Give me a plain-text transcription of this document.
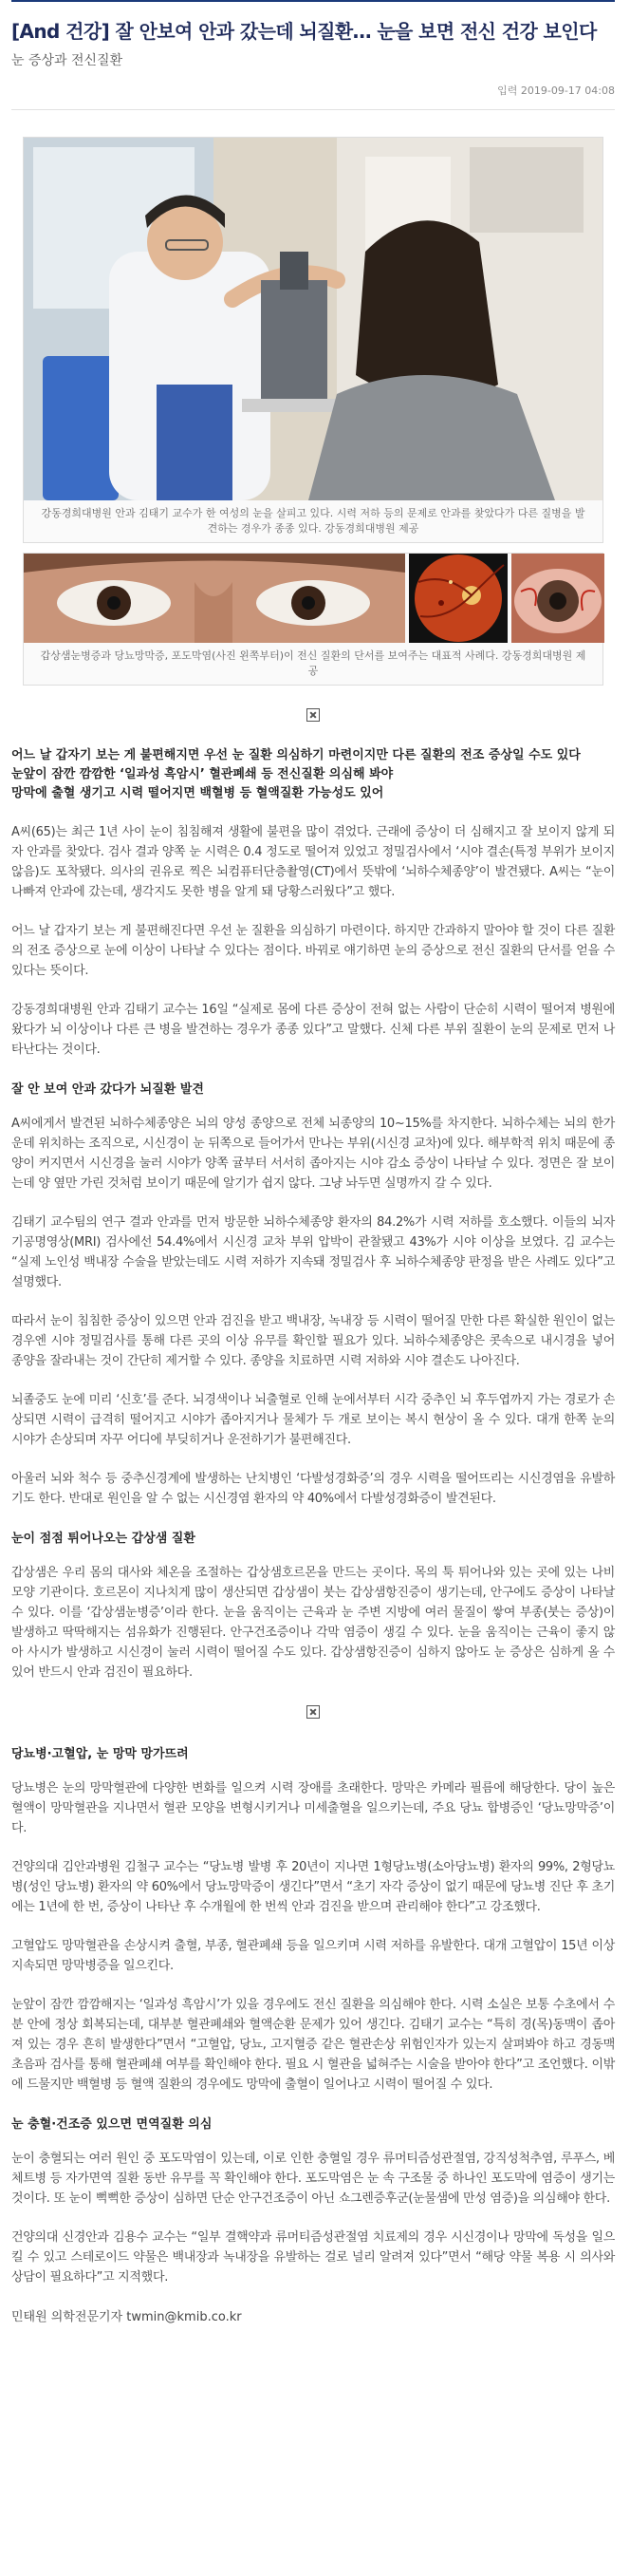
[And 건강] 잘 안보여 안과 갔는데 뇌질환… 눈을 보면 전신 건강 보인다
눈 증상과 전신질환
입력 2019-09-17 04:08
강동경희대병원 안과 김태기 교수가 한 여성의 눈을 살피고 있다. 시력 저하 등의 문제로 안과를 찾았다가 다른 질병을 발견하는 경우가 종종 있다. 강동경희대병원 제공
갑상샘눈병증과 당뇨망막증, 포도막염(사진 왼쪽부터)이 전신 질환의 단서를 보여주는 대표적 사례다. 강동경희대병원 제공
어느 날 갑자기 보는 게 불편해지면 우선 눈 질환 의심하기 마련이지만 다른 질환의 전조 증상일 수도 있다
눈앞이 잠깐 깜깜한 ‘일과성 흑암시’ 혈관폐쇄 등 전신질환 의심해 봐야
망막에 출혈 생기고 시력 떨어지면 백혈병 등 혈액질환 가능성도 있어

A씨(65)는 최근 1년 사이 눈이 침침해져 생활에 불편을 많이 겪었다. 근래에 증상이 더 심해지고 잘 보이지 않게 되자 안과를 찾았다. 검사 결과 양쪽 눈 시력은 0.4 정도로 떨어져 있었고 정밀검사에서 ‘시야 결손(특정 부위가 보이지 않음)도 포착됐다. 의사의 권유로 찍은 뇌컴퓨터단층촬영(CT)에서 뜻밖에 ‘뇌하수체종양’이 발견됐다. A씨는 “눈이 나빠져 안과에 갔는데, 생각지도 못한 병을 알게 돼 당황스러웠다”고 했다.

어느 날 갑자기 보는 게 불편해진다면 우선 눈 질환을 의심하기 마련이다. 하지만 간과하지 말아야 할 것이 다른 질환의 전조 증상으로 눈에 이상이 나타날 수 있다는 점이다. 바꿔로 얘기하면 눈의 증상으로 전신 질환의 단서를 얻을 수 있다는 뜻이다.

강동경희대병원 안과 김태기 교수는 16일 “실제로 몸에 다른 증상이 전혀 없는 사람이 단순히 시력이 떨어져 병원에 왔다가 뇌 이상이나 다른 큰 병을 발견하는 경우가 종종 있다”고 말했다. 신체 다른 부위 질환이 눈의 문제로 먼저 나타난다는 것이다.

잘 안 보여 안과 갔다가 뇌질환 발견

A씨에게서 발견된 뇌하수체종양은 뇌의 양성 종양으로 전체 뇌종양의 10~15%를 차지한다. 뇌하수체는 뇌의 한가운데 위치하는 조직으로, 시신경이 눈 뒤쪽으로 들어가서 만나는 부위(시신경 교차)에 있다. 해부학적 위치 때문에 종양이 커지면서 시신경을 눌러 시야가 양쪽 귤부터 서서히 좁아지는 시야 감소 증상이 나타날 수 있다. 정면은 잘 보이는데 양 옆만 가린 것처럼 보이기 때문에 알기가 쉽지 않다. 그냥 놔두면 실명까지 갈 수 있다.

김태기 교수팀의 연구 결과 안과를 먼저 방문한 뇌하수체종양 환자의 84.2%가 시력 저하를 호소했다. 이들의 뇌자기공명영상(MRI) 검사에선 54.4%에서 시신경 교차 부위 압박이 관찰됐고 43%가 시야 이상을 보였다. 김 교수는 “실제 노인성 백내장 수술을 받았는데도 시력 저하가 지속돼 정밀검사 후 뇌하수체종양 판정을 받은 사례도 있다”고 설명했다.

따라서 눈이 침침한 증상이 있으면 안과 검진을 받고 백내장, 녹내장 등 시력이 떨어질 만한 다른 확실한 원인이 없는 경우엔 시야 정밀검사를 통해 다른 곳의 이상 유무를 확인할 필요가 있다. 뇌하수체종양은 콧속으로 내시경을 넣어 종양을 잘라내는 것이 간단히 제거할 수 있다. 종양을 치료하면 시력 저하와 시야 결손도 나아진다.

뇌졸중도 눈에 미리 ‘신호’를 준다. 뇌경색이나 뇌출혈로 인해 눈에서부터 시각 중추인 뇌 후두엽까지 가는 경로가 손상되면 시력이 급격히 떨어지고 시야가 좁아지거나 물체가 두 개로 보이는 복시 현상이 올 수 있다. 대개 한쪽 눈의 시야가 손상되며 자꾸 어디에 부딪히거나 운전하기가 불편해진다.

아울러 뇌와 척수 등 중추신경계에 발생하는 난치병인 ‘다발성경화증’의 경우 시력을 떨어뜨리는 시신경염을 유발하기도 한다. 반대로 원인을 알 수 없는 시신경염 환자의 약 40%에서 다발성경화증이 발견된다.

눈이 점점 튀어나오는 갑상샘 질환

갑상샘은 우리 몸의 대사와 체온을 조절하는 갑상샘호르몬을 만드는 곳이다. 목의 툭 튀어나와 있는 곳에 있는 나비 모양 기관이다. 호르몬이 지나치게 많이 생산되면 갑상샘이 붓는 갑상샘항진증이 생기는데, 안구에도 증상이 나타날 수 있다. 이를 ‘갑상샘눈병증’이라 한다. 눈을 움직이는 근육과 눈 주변 지방에 여러 물질이 쌓여 부종(붓는 증상)이 발생하고 딱딱해지는 섬유화가 진행된다. 안구건조증이나 각막 염증이 생길 수 있다. 눈을 움직이는 근육이 좋지 않아 사시가 발생하고 시신경이 눌러 시력이 떨어질 수도 있다. 갑상샘항진증이 심하지 않아도 눈 증상은 심하게 올 수 있어 반드시 안과 검진이 필요하다.

당뇨병·고혈압, 눈 망막 망가뜨려

당뇨병은 눈의 망막혈관에 다양한 변화를 일으켜 시력 장애를 초래한다. 망막은 카메라 필름에 해당한다. 당이 높은 혈액이 망막혈관을 지나면서 혈관 모양을 변형시키거나 미세출혈을 일으키는데, 주요 당뇨 합병증인 ‘당뇨망막증’이다.

건양의대 김안과병원 김철구 교수는 “당뇨병 발병 후 20년이 지나면 1형당뇨병(소아당뇨병) 환자의 99%, 2형당뇨병(성인 당뇨병) 환자의 약 60%에서 당뇨망막증이 생긴다”면서 “초기 자각 증상이 없기 때문에 당뇨병 진단 후 초기에는 1년에 한 번, 증상이 나타난 후 수개월에 한 번씩 안과 검진을 받으며 관리해야 한다”고 강조했다.

고혈압도 망막혈관을 손상시켜 출혈, 부종, 혈관폐쇄 등을 일으키며 시력 저하를 유발한다. 대개 고혈압이 15년 이상 지속되면 망막병증을 일으킨다.

눈앞이 잠깐 깜깜해지는 ‘일과성 흑암시’가 있을 경우에도 전신 질환을 의심해야 한다. 시력 소실은 보통 수초에서 수분 안에 정상 회복되는데, 대부분 혈관폐쇄와 혈액순환 문제가 있어 생긴다. 김태기 교수는 “특히 경(목)동맥이 좁아져 있는 경우 흔히 발생한다”면서 “고혈압, 당뇨, 고지혈증 같은 혈관손상 위험인자가 있는지 살펴봐야 하고 경동맥 초음파 검사를 통해 혈관폐쇄 여부를 확인해야 한다. 필요 시 혈관을 넓혀주는 시술을 받아야 한다”고 조언했다. 이밖에 드물지만 백혈병 등 혈액 질환의 경우에도 망막에 출혈이 일어나고 시력이 떨어질 수 있다.

눈 충혈·건조증 있으면 면역질환 의심

눈이 충혈되는 여러 원인 중 포도막염이 있는데, 이로 인한 충혈일 경우 류머티즘성관절염, 강직성척추염, 루푸스, 베체트병 등 자가면역 질환 동반 유무를 꼭 확인해야 한다. 포도막염은 눈 속 구조물 중 하나인 포도막에 염증이 생기는 것이다. 또 눈이 뻑뻑한 증상이 심하면 단순 안구건조증이 아닌 쇼그렌증후군(눈물샘에 만성 염증)을 의심해야 한다.

건양의대 신경안과 김용수 교수는 “일부 결핵약과 류머티즘성관절염 치료제의 경우 시신경이나 망막에 독성을 일으킬 수 있고 스테로이드 약물은 백내장과 녹내장을 유발하는 걸로 널리 알려져 있다”면서 “해당 약물 복용 시 의사와 상담이 필요하다”고 지적했다.

민태원 의학전문기자 twmin@kmib.co.kr
